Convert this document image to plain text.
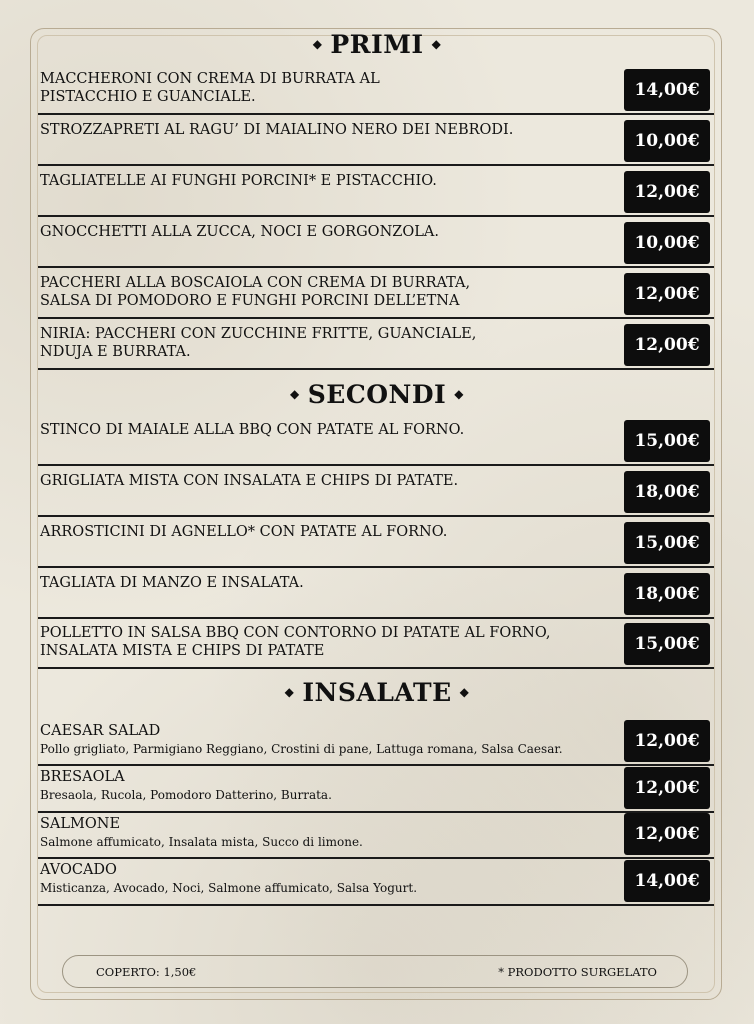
◆ PRIMI ◆
MACCHERONI CON CREMA DI BURRATA AL
PISTACCHIO E GUANCIALE.	14,00€
STROZZAPRETI AL RAGU’ DI MAIALINO NERO DEI NEBRODI.
10,00€
TAGLIATELLE AI FUNGHI PORCINI* E PISTACCHIO.
12,00€
GNOCCHETTI ALLA ZUCCA, NOCI E GORGONZOLA.
10,00€
PACCHERI ALLA BOSCAIOLA CON CREMA DI BURRATA,
SALSA DI POMODORO E FUNGHI PORCINI DELL’ETNA	12,00€
NIRIA: PACCHERI CON ZUCCHINE FRITTE, GUANCIALE,
NDUJA E BURRATA.	12,00€
◆ SECONDI ◆
STINCO DI MAIALE ALLA BBQ CON PATATE AL FORNO.
15,00€
GRIGLIATA MISTA CON INSALATA E CHIPS DI PATATE.
18,00€
ARROSTICINI DI AGNELLO* CON PATATE AL FORNO.
15,00€
TAGLIATA DI MANZO E INSALATA.
18,00€
POLLETTO IN SALSA BBQ CON CONTORNO DI PATATE AL FORNO,
INSALATA MISTA E CHIPS DI PATATE	15,00€
◆ INSALATE ◆
CAESAR SALAD
Pollo grigliato, Parmigiano Reggiano, Crostini di pane, Lattuga romana, Salsa Caesar.	12,00€
BRESAOLA
Bresaola, Rucola, Pomodoro Datterino, Burrata.	12,00€
SALMONE
Salmone affumicato, Insalata mista, Succo di limone.	12,00€
AVOCADO
Misticanza, Avocado, Noci, Salmone affumicato, Salsa Yogurt.	14,00€
COPERTO: 1,50€	* PRODOTTO SURGELATO
